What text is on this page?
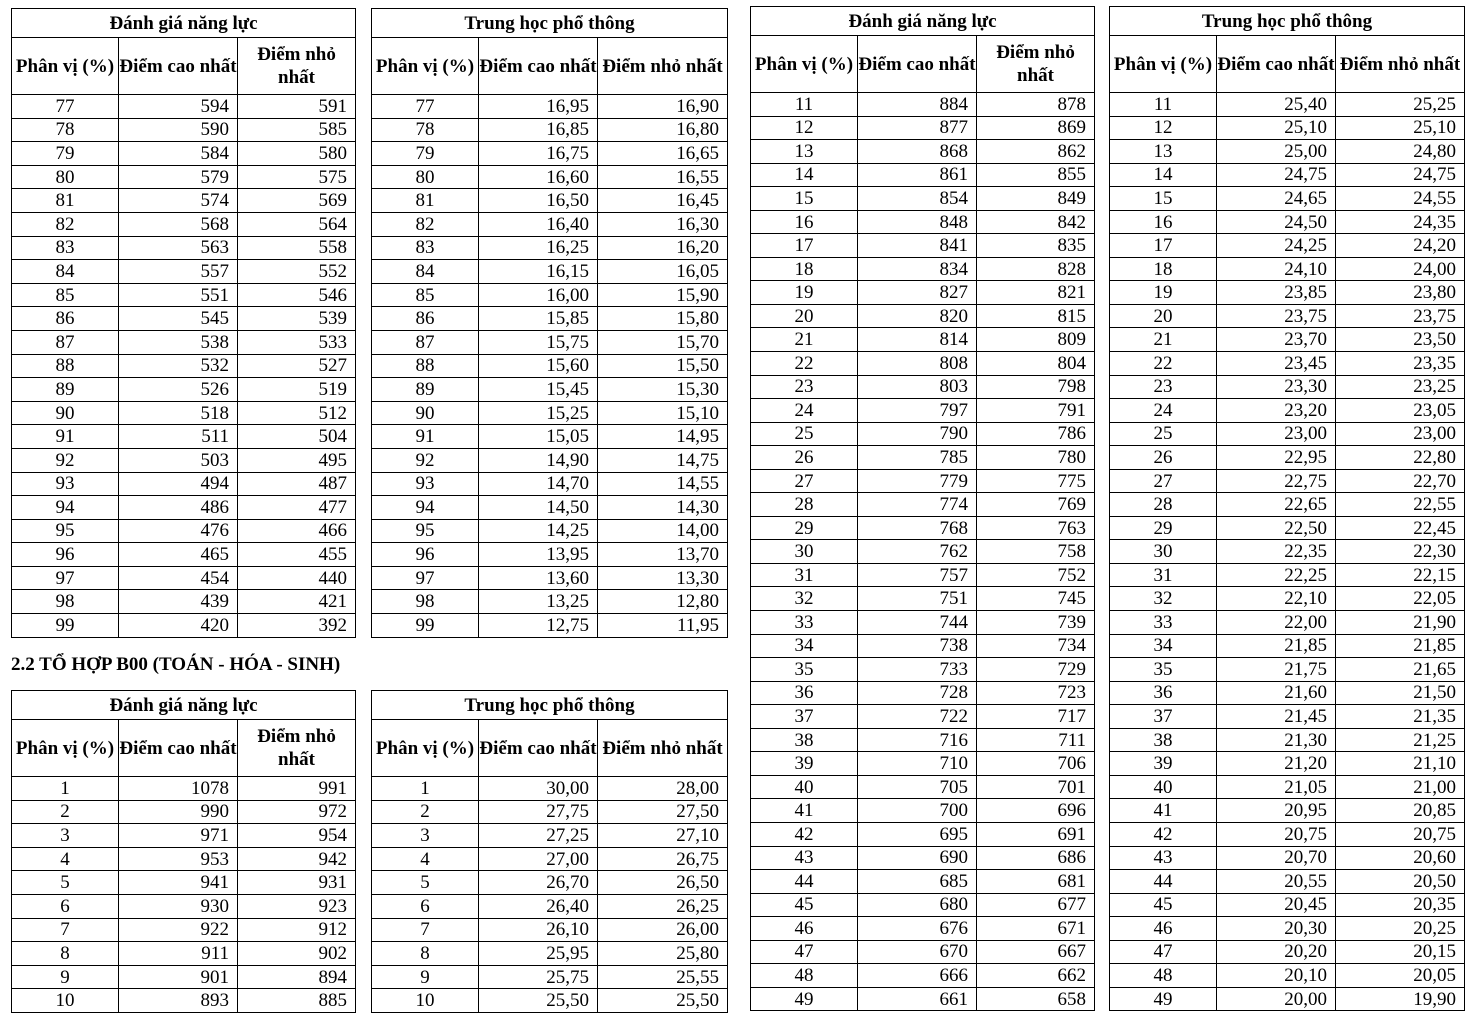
Đánh giá năng lực		
Phân vị (%)	Điểm cao nhất	Điểm nhỏ nhất
77	594	591
78	590	585
79	584	580
80	579	575
81	574	569
82	568	564
83	563	558
84	557	552
85	551	546
86	545	539
87	538	533
88	532	527
89	526	519
90	518	512
91	511	504
92	503	495
93	494	487
94	486	477
95	476	466
96	465	455
97	454	440
98	439	421
99	420	392
Trung học phổ thông		
Phân vị (%)	Điểm cao nhất	Điểm nhỏ nhất
77	16,95	16,90
78	16,85	16,80
79	16,75	16,65
80	16,60	16,55
81	16,50	16,45
82	16,40	16,30
83	16,25	16,20
84	16,15	16,05
85	16,00	15,90
86	15,85	15,80
87	15,75	15,70
88	15,60	15,50
89	15,45	15,30
90	15,25	15,10
91	15,05	14,95
92	14,90	14,75
93	14,70	14,55
94	14,50	14,30
95	14,25	14,00
96	13,95	13,70
97	13,60	13,30
98	13,25	12,80
99	12,75	11,95
2.2 TỔ HỢP B00 (TOÁN - HÓA - SINH)
Đánh giá năng lực		
Phân vị (%)	Điểm cao nhất	Điểm nhỏ nhất
1	1078	991
2	990	972
3	971	954
4	953	942
5	941	931
6	930	923
7	922	912
8	911	902
9	901	894
10	893	885
Trung học phổ thông		
Phân vị (%)	Điểm cao nhất	Điểm nhỏ nhất
1	30,00	28,00
2	27,75	27,50
3	27,25	27,10
4	27,00	26,75
5	26,70	26,50
6	26,40	26,25
7	26,10	26,00
8	25,95	25,80
9	25,75	25,55
10	25,50	25,50
Đánh giá năng lực		
Phân vị (%)	Điểm cao nhất	Điểm nhỏ nhất
11	884	878
12	877	869
13	868	862
14	861	855
15	854	849
16	848	842
17	841	835
18	834	828
19	827	821
20	820	815
21	814	809
22	808	804
23	803	798
24	797	791
25	790	786
26	785	780
27	779	775
28	774	769
29	768	763
30	762	758
31	757	752
32	751	745
33	744	739
34	738	734
35	733	729
36	728	723
37	722	717
38	716	711
39	710	706
40	705	701
41	700	696
42	695	691
43	690	686
44	685	681
45	680	677
46	676	671
47	670	667
48	666	662
49	661	658
Trung học phổ thông		
Phân vị (%)	Điểm cao nhất	Điểm nhỏ nhất
11	25,40	25,25
12	25,10	25,10
13	25,00	24,80
14	24,75	24,75
15	24,65	24,55
16	24,50	24,35
17	24,25	24,20
18	24,10	24,00
19	23,85	23,80
20	23,75	23,75
21	23,70	23,50
22	23,45	23,35
23	23,30	23,25
24	23,20	23,05
25	23,00	23,00
26	22,95	22,80
27	22,75	22,70
28	22,65	22,55
29	22,50	22,45
30	22,35	22,30
31	22,25	22,15
32	22,10	22,05
33	22,00	21,90
34	21,85	21,85
35	21,75	21,65
36	21,60	21,50
37	21,45	21,35
38	21,30	21,25
39	21,20	21,10
40	21,05	21,00
41	20,95	20,85
42	20,75	20,75
43	20,70	20,60
44	20,55	20,50
45	20,45	20,35
46	20,30	20,25
47	20,20	20,15
48	20,10	20,05
49	20,00	19,90
